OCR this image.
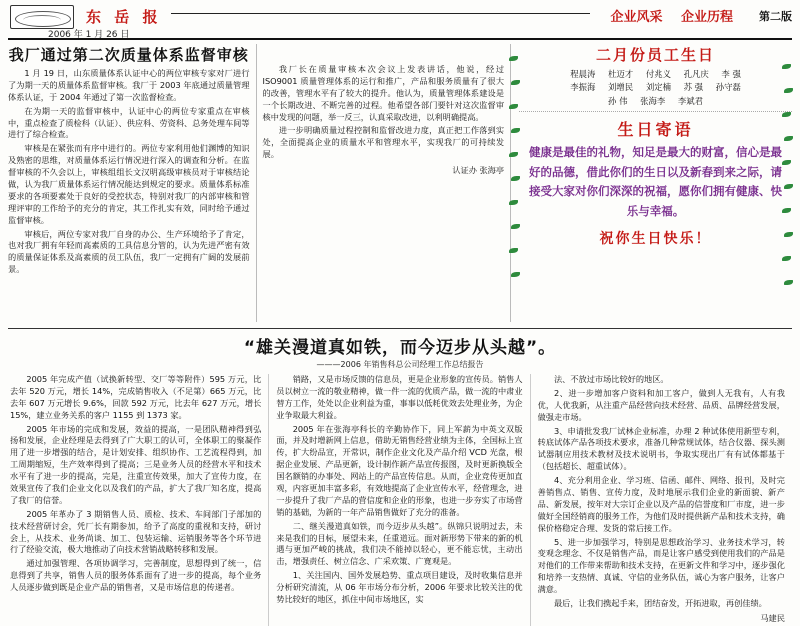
东 岳 报	企业风采 企业历程 第二版
2006 年 1 月 26 日
我厂通过第二次质量体系监督审核

1 月 19 日，山东质量体系认证中心的两位审核专家对厂进行了为期一天的质量体系监督审核。我厂于 2003 年底通过质量管理体系认证，于 2004 年通过了第一次监督检查。

在为期一天的监督审核中，认证中心的两位专家重点在审核中，重点检查了质检科（认证）、供应科、劳资科、总务处理车间等进行了综合检查。

审核是在紧张而有序中进行的。两位专家利用他们渊博的知识及熟密的思维，对质量体系运行情况进行深入的调查和分析。在监督审核的不久会以上，审核组组长文汉明高级审核员对于审核结论做，认为我厂质量体系运行情况能达到规定的要求。质量体系标准要求的各项要素处于良好的受控状态，特别对我厂的内部审核和管理评审的工作给予的充分的肯定，其工作扎实有效，同时给予通过监督审核。

审核后，两位专家对我厂自身的办公、生产环境给予了肯定，也对我厂拥有年轻而高素质的工具信息分管的，认为先进严密有效的质量保证体系及高素质的员工队伍，我厂一定拥有广阔的发展前景。

我厂长在质量审核本次会议上发表讲话，他说，经过 ISO9001 质量管理体系的运行和推广，产品和服务质量有了很大的改善，管理水平有了较大的提升。他认为，质量管理体系建设是一个长期改进、不断完善的过程。他希望各部门要针对这次监督审核中发现的问题，举一反三，认真采取改进，以利明确提高。

进一步明确质量过程控制和监督改进力度，真正把工作落到实处，全面提高企业的质量水平和管理水平，实现我厂的可持续发展。

认证办 张海亭
二月份员工生日
程晨涛 杜迈才 付兆义 孔凡庆 李 强
李振海 刘增民 刘定楠 苏 强 孙守磊
孙 伟 张海李 李斌君
生日寄语
健康是最佳的礼物，知足是最大的财富，信心是最好的品德，借此你们的生日以及新春到来之际，请接受大家对你们深深的祝福，愿你们拥有健康、快乐与幸福。
祝你生日快乐！
“雄关漫道真如铁，而今迈步从头越”。
———2006 年销售科总公司经理工作总结报告

2005 年完成产值（试换新转型、交厂等等附件）595 万元，比去年 520 万元，增长 14%，完成销售收入（不足第）665 万元，比去年 607 万元增长 9.6%，回款 592 万元，比去年 627 万元，增长 15%，建立业务关系的客户 1155 到 1373 家。

2005 年市场的完成和发展，效益的提高，一是团队精神得到弘扬和发展，企业经理是去得到了广大职工的认可，全体职工的聚凝作用了进一步增强的结合，是计划安排、组织协作、工艺流程得到，加工周期缩短，生产效率得到了提高；三是业务人员的经营水平和技术水平有了进一步的提高，完是，注重宣传效果，加大了宣传力度，在效果宣传了我们企业文化以及我们的产品，扩大了我厂知名度，提高了我厂的信誉。

2005 年革办了 3 期销售人员、质检、技术、车间部门子部加的技术经营研讨会，凭厂长有期参加，给予了高度的重视和支持，研讨会上，从技术、业务尚谈、加工、包装运输、运销服务等各个环节进行了经验交流，极大地推动了向技术营销战略转移和发展。

通过加强管理、各项协调学习，完善制度，思想得到了统一，信息得到了共享，销售人员的服务体系面有了进一步的提高，每个业务人员逐步做到既是企业产品的销售者，又是市场信息的传递者。

销路，又是市场反馈的信息员，更是企业形象的宣传员。销售人员以树立一流的敬业精神，做一件一流的优质产品，做一流的中肃业替方工作，处处以企业利益为重，事事以低耗优效去处理业务，为企业争取最大利益。

2005 年在张海亭科长的辛勤协作下，同上军薪为中英文双版面，并及时增新网上信息，借助无销售经营业绩为主体，全国标上宣传，扩大纷品宣，开常识，制作企业文化及产品介绍 VCD 光盘，根据企业发展、产品更新，设计制作新产品宣传报图，及时更新换版全国名额销的办事处、网站上的产品宣传信息。从而，企业竞传更加直观，内容更加丰富多彩，有效地提高了企业宣传水平，经营理念，进一步提升了我厂产品的营信度和企业的形象，也进一步夯实了市场营销的基础，为新的一年产品销售做好了充分的准备。

二、继关漫道真如铁，而今迈步从头越”。纵锦只说明过去，未来是我们的目标，展望未来，任重道远。面对新形势下带来的新的机遇与更加严峻的挑战，我们决不能掉以轻心，更不能忘忧，主动出击，增强责任、树立信念、广采欢策、广寛观是。

1、关注国内、国外发展趋势、重点项目建设，及时收集信息并分析研究清流，从 06 年市场分布分析，2006 年要求比较关注的优势比较好的地区，抓住中间市场地区，实

法、不放过市场比较好的地区。

2、进一步增加客户资料和加工客户，做到人无我有，人有我优，人优我新，从注重产品经营向技术经营、品质、品牌经营发展，做强走市场。

3、申请批发我厂试林企业标准，办理 2 种试体使用新型专利，转底试体产品各项技术要求，准备几种常规试体，结合仪器、探头测试器制应用技术教材及技术说明书，争取实现出厂有有试体都基于（包括超长、超重试体）。

4、充分利用企业、学习班、信函、邮件、网络、报刊，及时完善销售点、销售、宣传力度，及时地展示我们企业的新面貌、新产品、新发展，按年对大宗订企业以及产品的信誉度和厂市度，进一步做好全国经销商的服务工作，为他们及时提供新产品和技术支持，确保价格稳定合理、发货的常后接工作。

5、进一步加强学习，特别是思想政治学习、业务技术学习，转变观念理念、不仅是销售产品，而是让客户感受到使用我们的产品是对他们的工作带来帮助和技术支持，在更新文件和学习中，逐步强化和培养一支热情、真诚、守信的业务队伍，诚心为客户服务，让客户满意。

最后，让我们携起手来，团结奋发，开拓进取，再创佳绩。

马建民
